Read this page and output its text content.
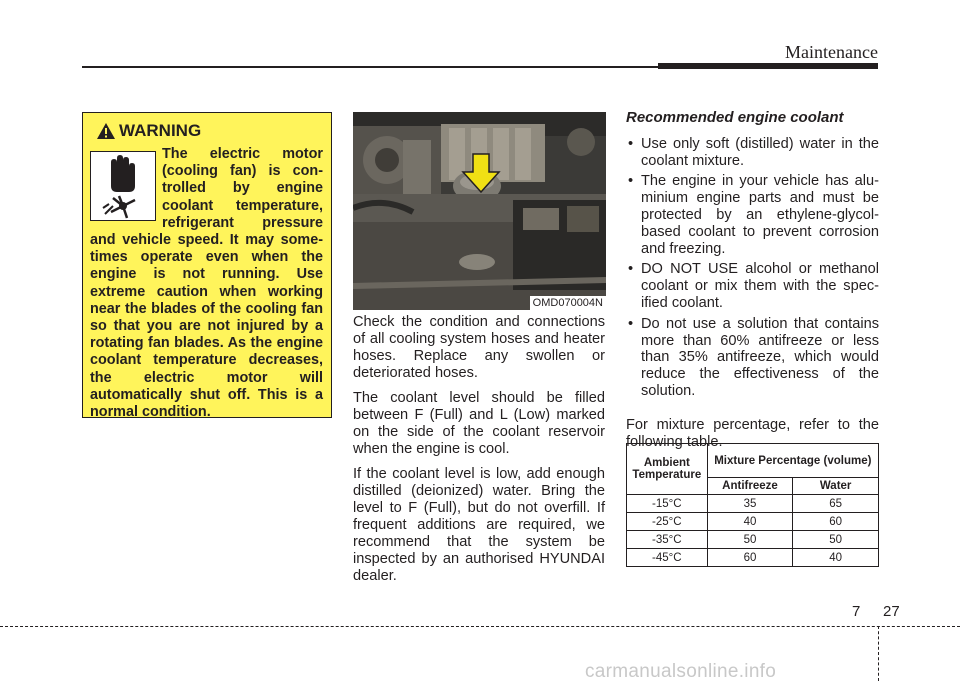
Maintenance
WARNING
The electric motor (cooling fan) is con- trolled by engine coolant temperature, refrigerant pressure and vehicle speed. It may some- times operate even when the engine is not running. Use extreme caution when working near the blades of the cooling fan so that you are not injured by a rotating fan blades. As the engine coolant temperature decreases, the electric motor will automatically shut off. This is a normal condition.
OMD070004N

Check the condition and connections of all cooling system hoses and heater hoses. Replace any swollen or deteriorated hoses.

The coolant level should be filled between F (Full) and L (Low) marked on the side of the coolant reservoir when the engine is cool.

If the coolant level is low, add enough distilled (deionized) water. Bring the level to F (Full), but do not overfill. If frequent additions are required, we recommend that the system be inspected by an authorised HYUNDAI dealer.

Recommended engine coolant
• Use only soft (distilled) water in the coolant mixture.
• The engine in your vehicle has alu- minium engine parts and must be protected by an ethylene-glycol- based coolant to prevent corrosion and freezing.
• DO NOT USE alcohol or methanol coolant or mix them with the spec- ified coolant.
• Do not use a solution that contains more than 60% antifreeze or less than 35% antifreeze, which would reduce the effectiveness of the solution.

For mixture percentage, refer to the following table.

Ambient Temperature	Mixture Percentage (volume)	
	Antifreeze	Water
-15°C	35	65
-25°C	40	60
-35°C	50	50
-45°C	60	40
7 27
carmanualsonline.info
